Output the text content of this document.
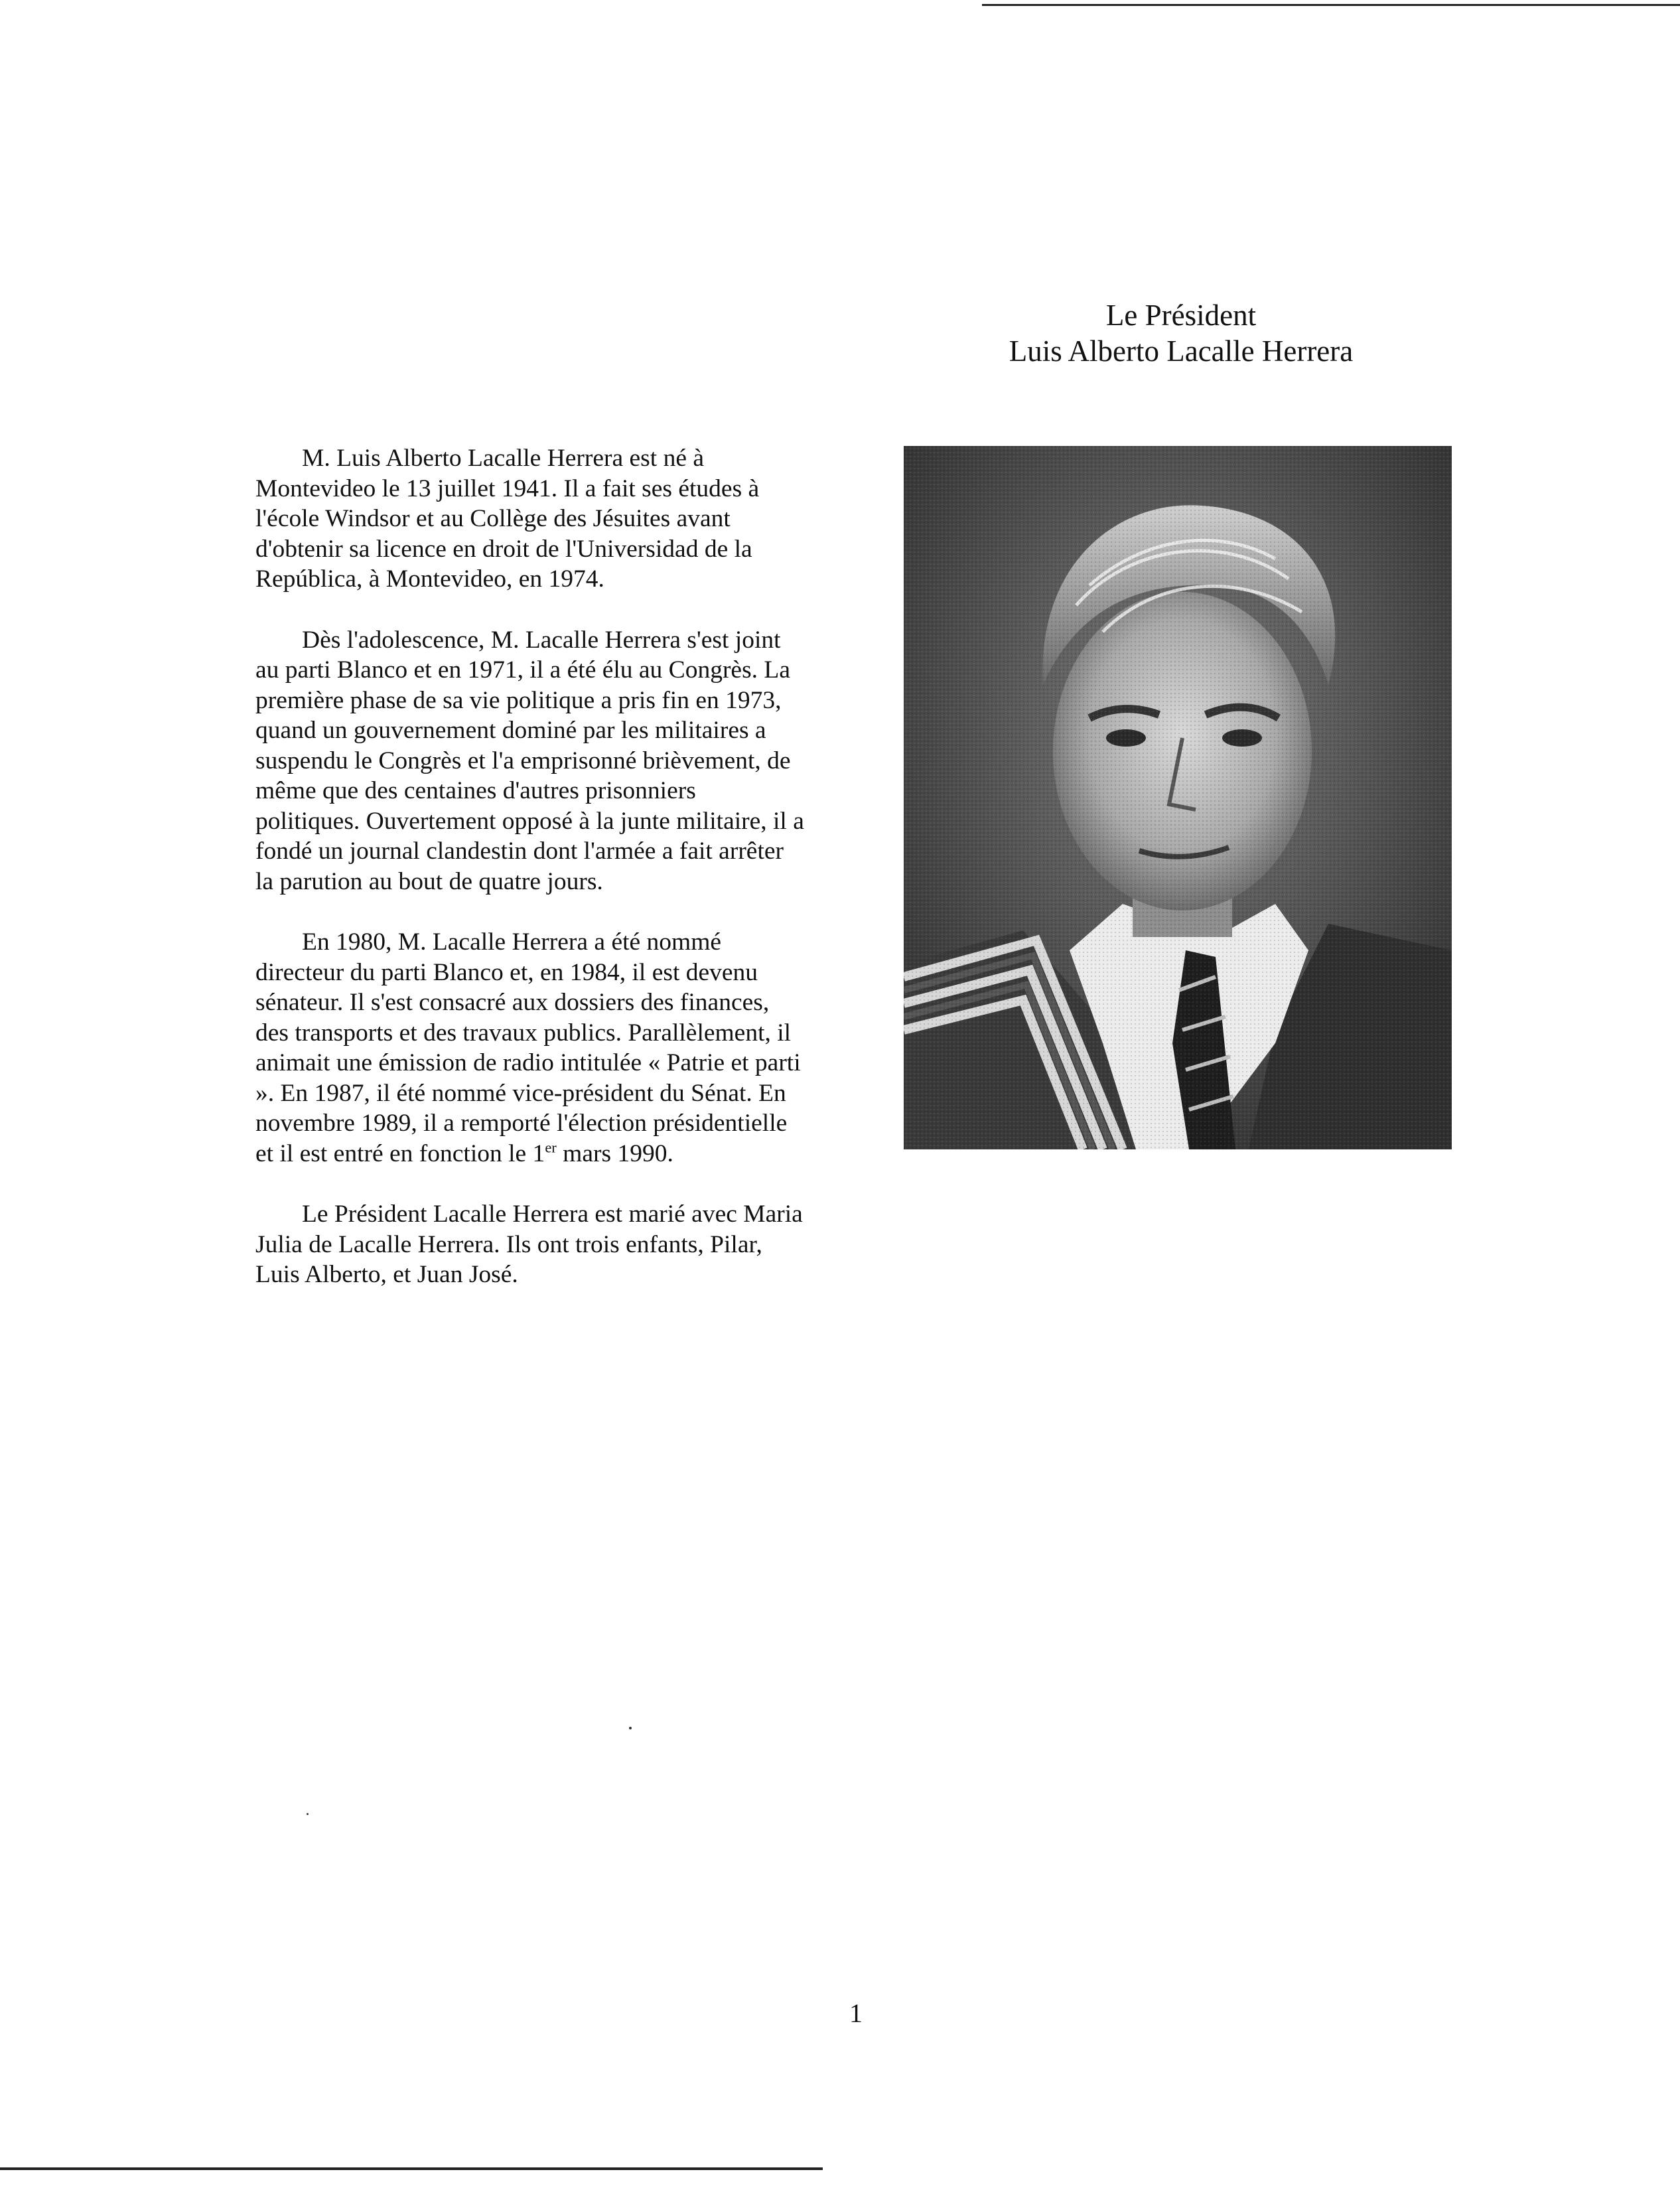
Le Président
Luis Alberto Lacalle Herrera

M. Luis Alberto Lacalle Herrera est né à Montevideo le 13 juillet 1941. Il a fait ses études à l'école Windsor et au Collège des Jésuites avant d'obtenir sa licence en droit de l'Universidad de la República, à Montevideo, en 1974.

Dès l'adolescence, M. Lacalle Herrera s'est joint au parti Blanco et en 1971, il a été élu au Congrès. La première phase de sa vie politique a pris fin en 1973, quand un gouvernement dominé par les militaires a suspendu le Congrès et l'a emprisonné brièvement, de même que des centaines d'autres prisonniers politiques. Ouvertement opposé à la junte militaire, il a fondé un journal clandestin dont l'armée a fait arrêter la parution au bout de quatre jours.

En 1980, M. Lacalle Herrera a été nommé directeur du parti Blanco et, en 1984, il est devenu sénateur. Il s'est consacré aux dossiers des finances, des transports et des travaux publics. Parallèlement, il animait une émission de radio intitulée « Patrie et parti ». En 1987, il été nommé vice-président du Sénat. En novembre 1989, il a remporté l'élection présidentielle et il est entré en fonction le 1er mars 1990.

Le Président Lacalle Herrera est marié avec Maria Julia de Lacalle Herrera. Ils ont trois enfants, Pilar, Luis Alberto, et Juan José.

1
